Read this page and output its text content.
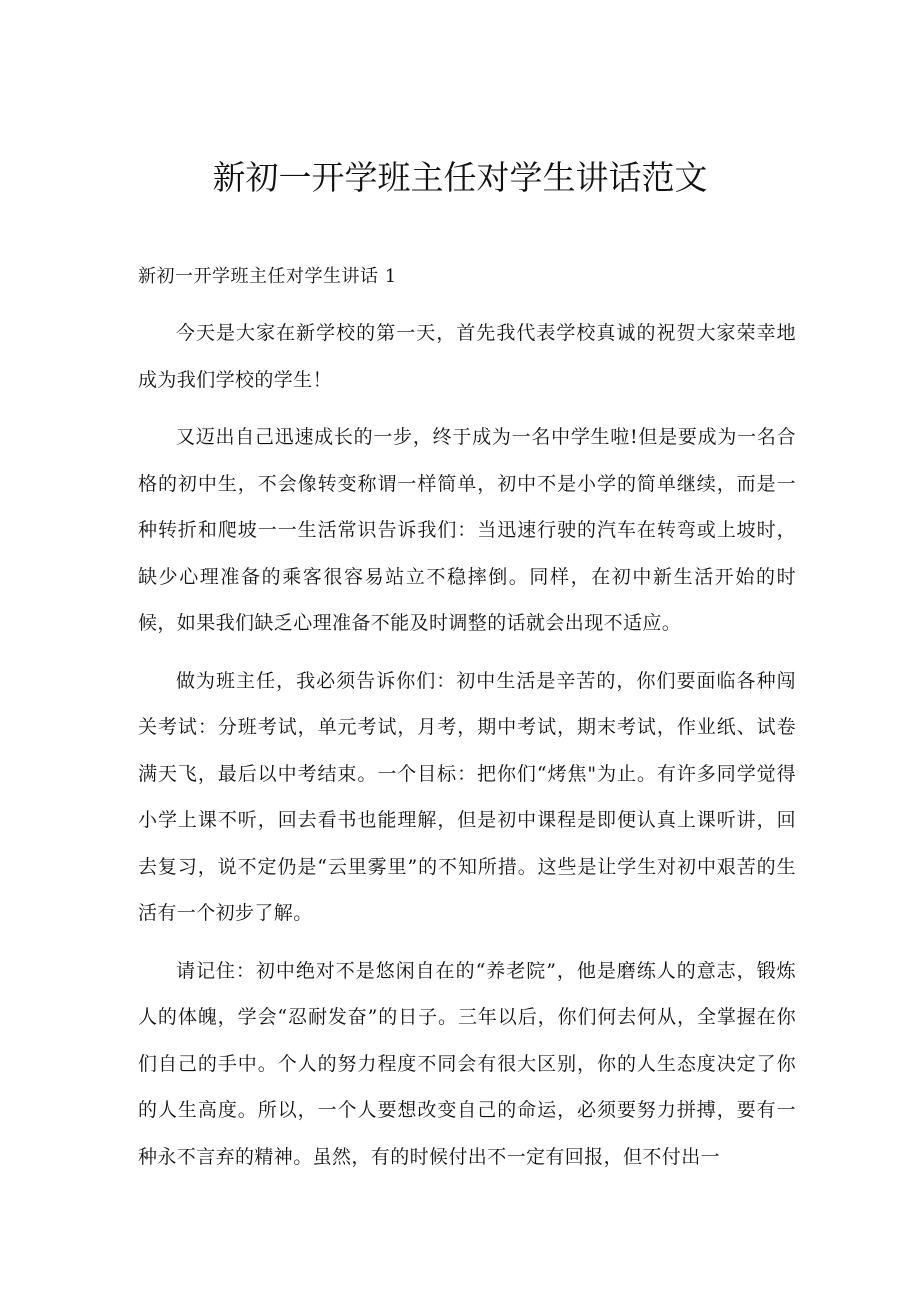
新初一开学班主任对学生讲话范文
新初一开学班主任对学生讲话 1

今天是大家在新学校的第一天，首先我代表学校真诚的祝贺大家荣幸地成为我们学校的学生！

又迈出自己迅速成长的一步，终于成为一名中学生啦!但是要成为一名合格的初中生，不会像转变称谓一样简单，初中不是小学的简单继续，而是一种转折和爬坡一一生活常识告诉我们：当迅速行驶的汽车在转弯或上坡时，缺少心理准备的乘客很容易站立不稳摔倒。同样，在初中新生活开始的时候，如果我们缺乏心理准备不能及时调整的话就会出现不适应。

做为班主任，我必须告诉你们：初中生活是辛苦的，你们要面临各种闯关考试：分班考试，单元考试，月考，期中考试，期末考试，作业纸、试卷满天飞，最后以中考结束。一个目标：把你们“烤焦"为止。有许多同学觉得小学上课不听，回去看书也能理解，但是初中课程是即便认真上课听讲，回去复习，说不定仍是“云里雾里”的不知所措。这些是让学生对初中艰苦的生活有一个初步了解。

请记住：初中绝对不是悠闲自在的“养老院”，他是磨练人的意志，锻炼人的体魄，学会“忍耐发奋”的日子。三年以后，你们何去何从，全掌握在你们自己的手中。个人的努力程度不同会有很大区别，你的人生态度决定了你的人生高度。所以，一个人要想改变自己的命运，必须要努力拼搏，要有一种永不言弃的精神。虽然，有的时候付出不一定有回报，但不付出一
